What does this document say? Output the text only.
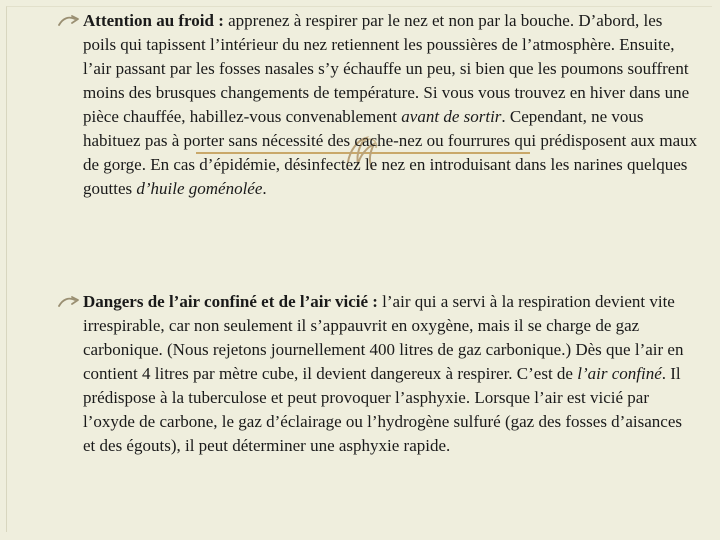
Attention au froid : apprenez à respirer par le nez et non par la bouche. D’abord, les poils qui tapissent l’intérieur du nez retiennent les poussières de l’atmosphère. Ensuite, l’air passant par les fosses nasales s’y échauffe un peu, si bien que les poumons souffrent moins des brusques changements de température. Si vous vous trouvez en hiver dans une pièce chauffée, habillez-vous convenablement avant de sortir. Cependant, ne vous habituez pas à porter sans nécessité des cache-nez ou fourrures qui prédisposent aux maux de gorge. En cas d’épidémie, désinfectez le nez en introduisant dans les narines quelques gouttes d’huile goménolée.
Dangers de l’air confiné et de l’air vicié : l’air qui a servi à la respiration devient vite irrespirable, car non seulement il s’appauvrit en oxygène, mais il se charge de gaz carbonique. (Nous rejetons journellement 400 litres de gaz carbonique.) Dès que l’air en contient 4 litres par mètre cube, il devient dangereux à respirer. C’est de l’air confiné. Il prédispose à la tuberculose et peut provoquer l’asphyxie. Lorsque l’air est vicié par l’oxyde de carbone, le gaz d’éclairage ou l’hydrogène sulfuré (gaz des fosses d’aisances et des égouts), il peut déterminer une asphyxie rapide.
